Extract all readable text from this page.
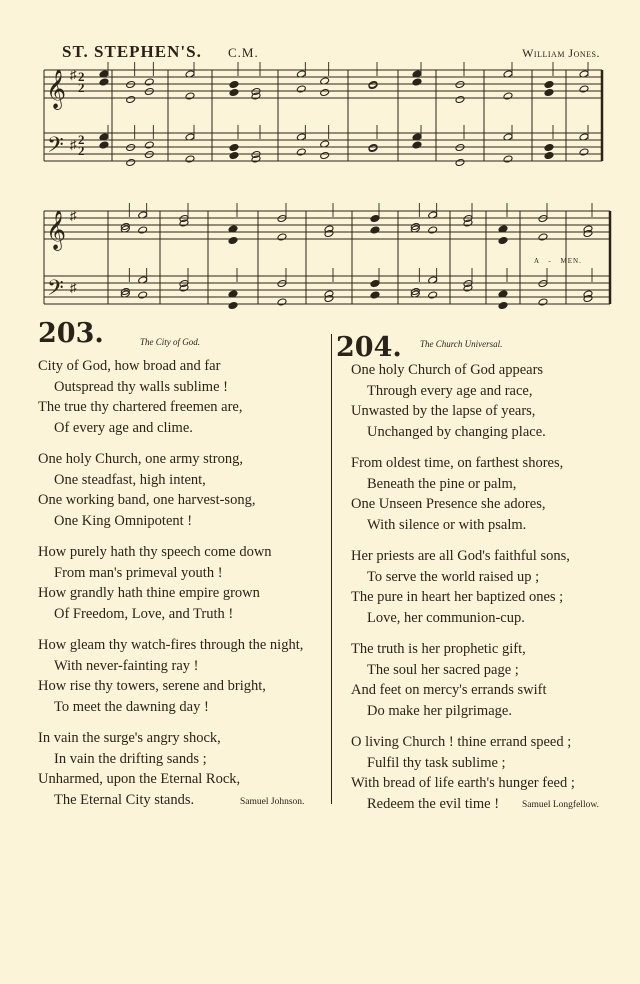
ST. STEPHEN'S. C.M.	William Jones.
𝄞
𝄢
♯
♯
2
2
2
2
𝄞
𝄢
♯
♯
A - MEN.
203.	The City of God.
City of God, how broad and far
Outspread thy walls sublime !
The true thy chartered freemen are,
Of every age and clime.
One holy Church, one army strong,
One steadfast, high intent,
One working band, one harvest-song,
One King Omnipotent !
How purely hath thy speech come down
From man's primeval youth !
How grandly hath thine empire grown
Of Freedom, Love, and Truth !
How gleam thy watch-fires through the night,
With never-fainting ray !
How rise thy towers, serene and bright,
To meet the dawning day !
In vain the surge's angry shock,
In vain the drifting sands ;
Unharmed, upon the Eternal Rock,
The Eternal City stands.	Samuel Johnson.
204. The Church Universal.
One holy Church of God appears
Through every age and race,
Unwasted by the lapse of years,
Unchanged by changing place.
From oldest time, on farthest shores,
Beneath the pine or palm,
One Unseen Presence she adores,
With silence or with psalm.
Her priests are all God's faithful sons,
To serve the world raised up ;
The pure in heart her baptized ones ;
Love, her communion-cup.
The truth is her prophetic gift,
The soul her sacred page ;
And feet on mercy's errands swift
Do make her pilgrimage.
O living Church ! thine errand speed ;
Fulfil thy task sublime ;
With bread of life earth's hunger feed ;
Redeem the evil time !	Samuel Longfellow.
